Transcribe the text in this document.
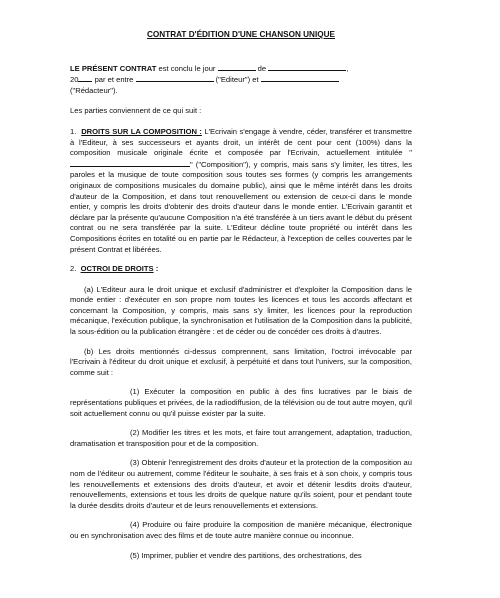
CONTRAT D'ÉDITION D'UNE CHANSON UNIQUE

LE PRÉSENT CONTRAT est conclu le jour	de	,
20 par et entre	("Editeur") et
("Rédacteur").

Les parties conviennent de ce qui suit :

1. DROITS SUR LA COMPOSITION : L'Ecrivain s'engage à vendre, céder, transférer et transmettre à l'Editeur, à ses successeurs et ayants droit, un intérêt de cent pour cent (100%) dans la composition musicale originale écrite et composée par l'Ecrivain, actuellement intitulée "" ("Composition"), y compris, mais sans s'y limiter, les titres, les paroles et la musique de toute composition sous toutes ses formes (y compris les arrangements originaux de compositions musicales du domaine public), ainsi que le même intérêt dans les droits d'auteur de la Composition, et dans tout renouvellement ou extension de ceux-ci dans le monde entier, y compris les droits d'obtenir des droits d'auteur dans le monde entier. L'Ecrivain garantit et déclare par la présente qu'aucune Composition n'a été transférée à un tiers avant le début du présent contrat ou ne sera transférée par la suite. L'Editeur décline toute propriété ou intérêt dans les Compositions écrites en totalité ou en partie par le Rédacteur, à l'exception de celles couvertes par le présent Contrat et libérées.

2. OCTROI DE DROITS :

(a) L'Editeur aura le droit unique et exclusif d'administrer et d'exploiter la Composition dans le monde entier : d'exécuter en son propre nom toutes les licences et tous les accords affectant et concernant la Composition, y compris, mais sans s'y limiter, les licences pour la reproduction mécanique, l'exécution publique, la synchronisation et l'utilisation de la Composition dans la publicité, la sous-édition ou la publication étrangère : et de céder ou de concéder ces droits à d'autres.

(b) Les droits mentionnés ci-dessus comprennent, sans limitation, l'octroi irrévocable par l'Ecrivain à l'éditeur du droit unique et exclusif, à perpétuité et dans tout l'univers, sur la composition, comme suit :

(1) Exécuter la composition en public à des fins lucratives par le biais de représentations publiques et privées, de la radiodiffusion, de la télévision ou de tout autre moyen, qu'il soit actuellement connu ou qu'il puisse exister par la suite.

(2) Modifier les titres et les mots, et faire tout arrangement, adaptation, traduction, dramatisation et transposition pour et de la composition.

(3) Obtenir l'enregistrement des droits d'auteur et la protection de la composition au nom de l'éditeur ou autrement, comme l'éditeur le souhaite, à ses frais et à son choix, y compris tous les renouvellements et extensions des droits d'auteur, et avoir et détenir lesdits droits d'auteur, renouvellements, extensions et tous les droits de quelque nature qu'ils soient, pour et pendant toute la durée desdits droits d'auteur et de leurs renouvellements et extensions.

(4) Produire ou faire produire la composition de manière mécanique, électronique ou en synchronisation avec des films et de toute autre manière connue ou inconnue.

(5) Imprimer, publier et vendre des partitions, des orchestrations, des
